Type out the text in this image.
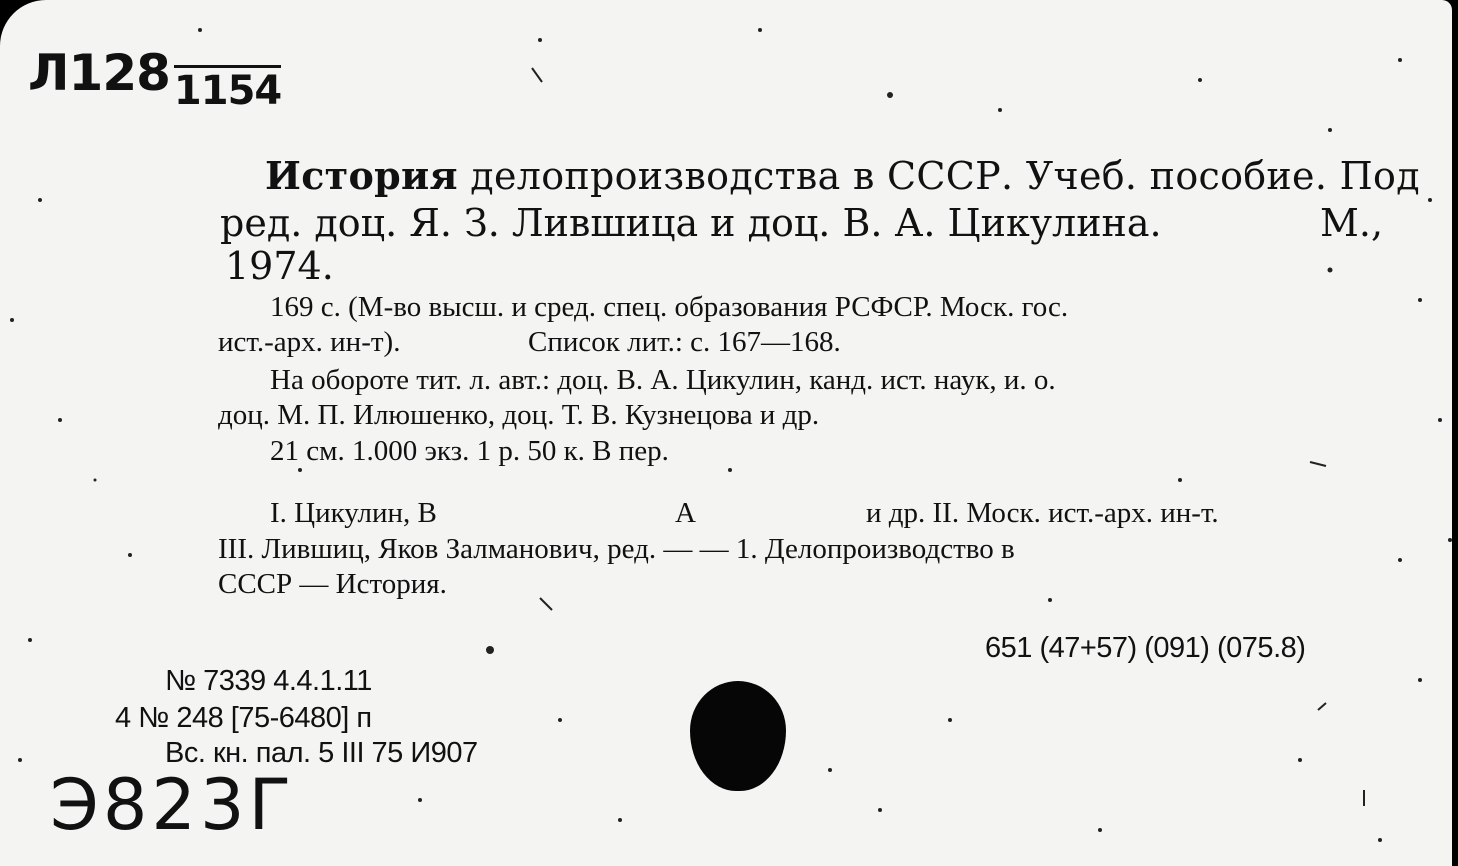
Л128 $_{1154}$

История делопроизводства в СССР. Учеб. пособие. Под

ред. доц. Я. З. Лившица и доц. В. А. Цикулина.	М.,

1974.

169 с. (М-во высш. и сред. спец. образования РСФСР. Моск. гос.

ист.-арх. ин-т).	Список лит.: с. 167—168.

На обороте тит. л. авт.: доц. В. А. Цикулин, канд. ист. наук, и. о.

доц. М. П. Илюшенко, доц. Т. В. Кузнецова и др.

21 см. 1.000 экз. 1 р. 50 к. В пер.

I. Цикулин, В	А	и др. II. Моск. ист.-арх. ин-т.

III. Лившиц, Яков Залманович, ред. — — 1. Делопроизводство в

СССР — История.

651 (47+57) (091) (075.8)

№ 7339 4.4.1.11

4 № 248 [75-6480] п

Вс. кн. пал. 5 III 75 И907

Э823Г
